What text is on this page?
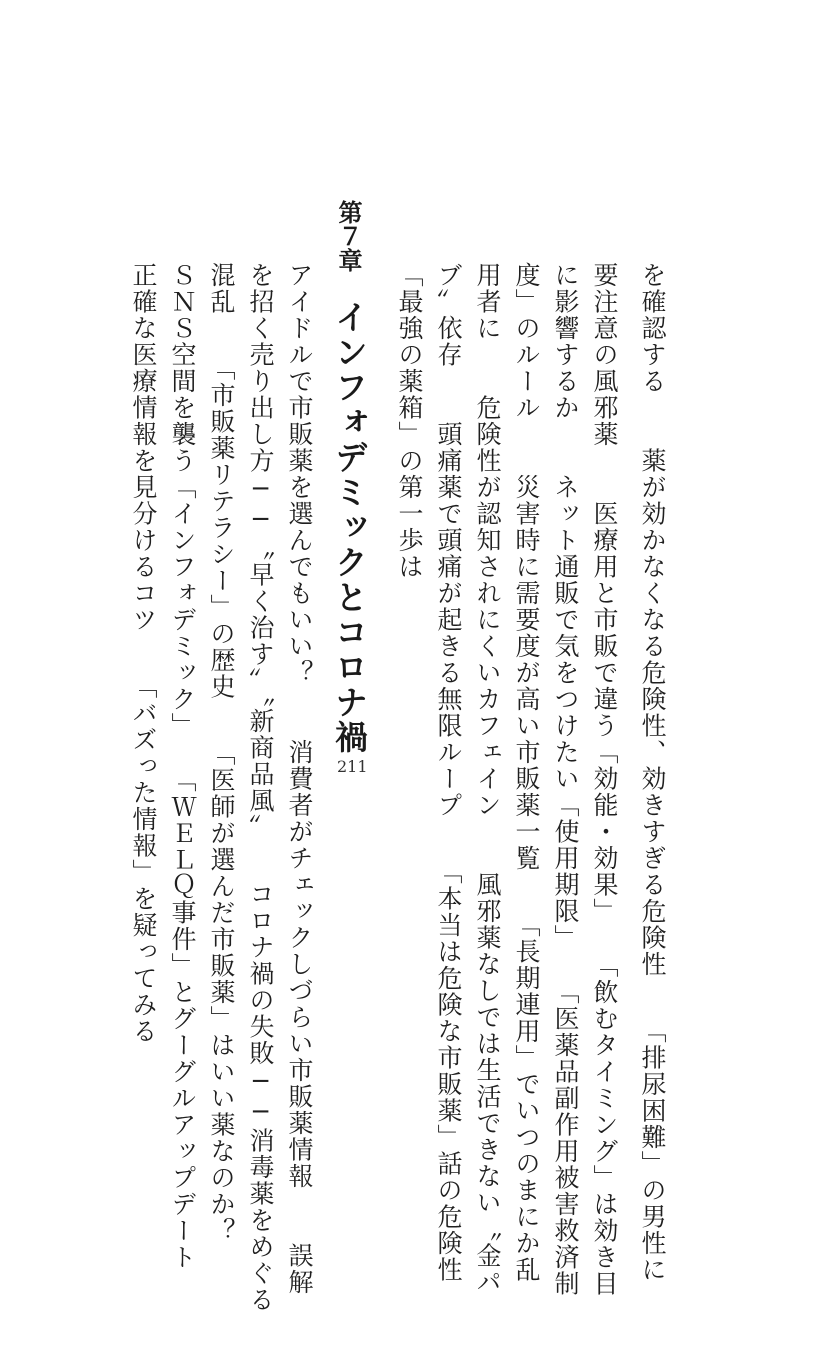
を確認する　　薬が効かなくなる危険性、効きすぎる危険性　　「排尿困難」の男性に
要注意の風邪薬　　医療用と市販で違う「効能・効果」　　「飲むタイミング」は効き目
に影響するか　　ネット通販で気をつけたい「使用期限」　　「医薬品副作用被害救済制
度」のルール　　災害時に需要度が高い市販薬一覧　　「長期連用」でいつのまにか乱
用者に　　危険性が認知されにくいカフェイン　　風邪薬なしでは生活できない〝金パ
ブ〟依存　　頭痛薬で頭痛が起きる無限ループ　　「本当は危険な市販薬」話の危険性
「最強の薬箱」の第一歩は
第７章
インフォデミックとコロナ禍
211
アイドルで市販薬を選んでもいい？　　消費者がチェックしづらい市販薬情報　　誤解
を招く売り出し方──〝早く治す〟〝新商品風〟　　コロナ禍の失敗──消毒薬をめぐる
混乱　　「市販薬リテラシー」の歴史　　「医師が選んだ市販薬」はいい薬なのか？
ＳＮＳ空間を襲う「インフォデミック」　　「ＷＥＬＱ事件」とグーグルアップデート
正確な医療情報を見分けるコツ　　「バズった情報」を疑ってみる
